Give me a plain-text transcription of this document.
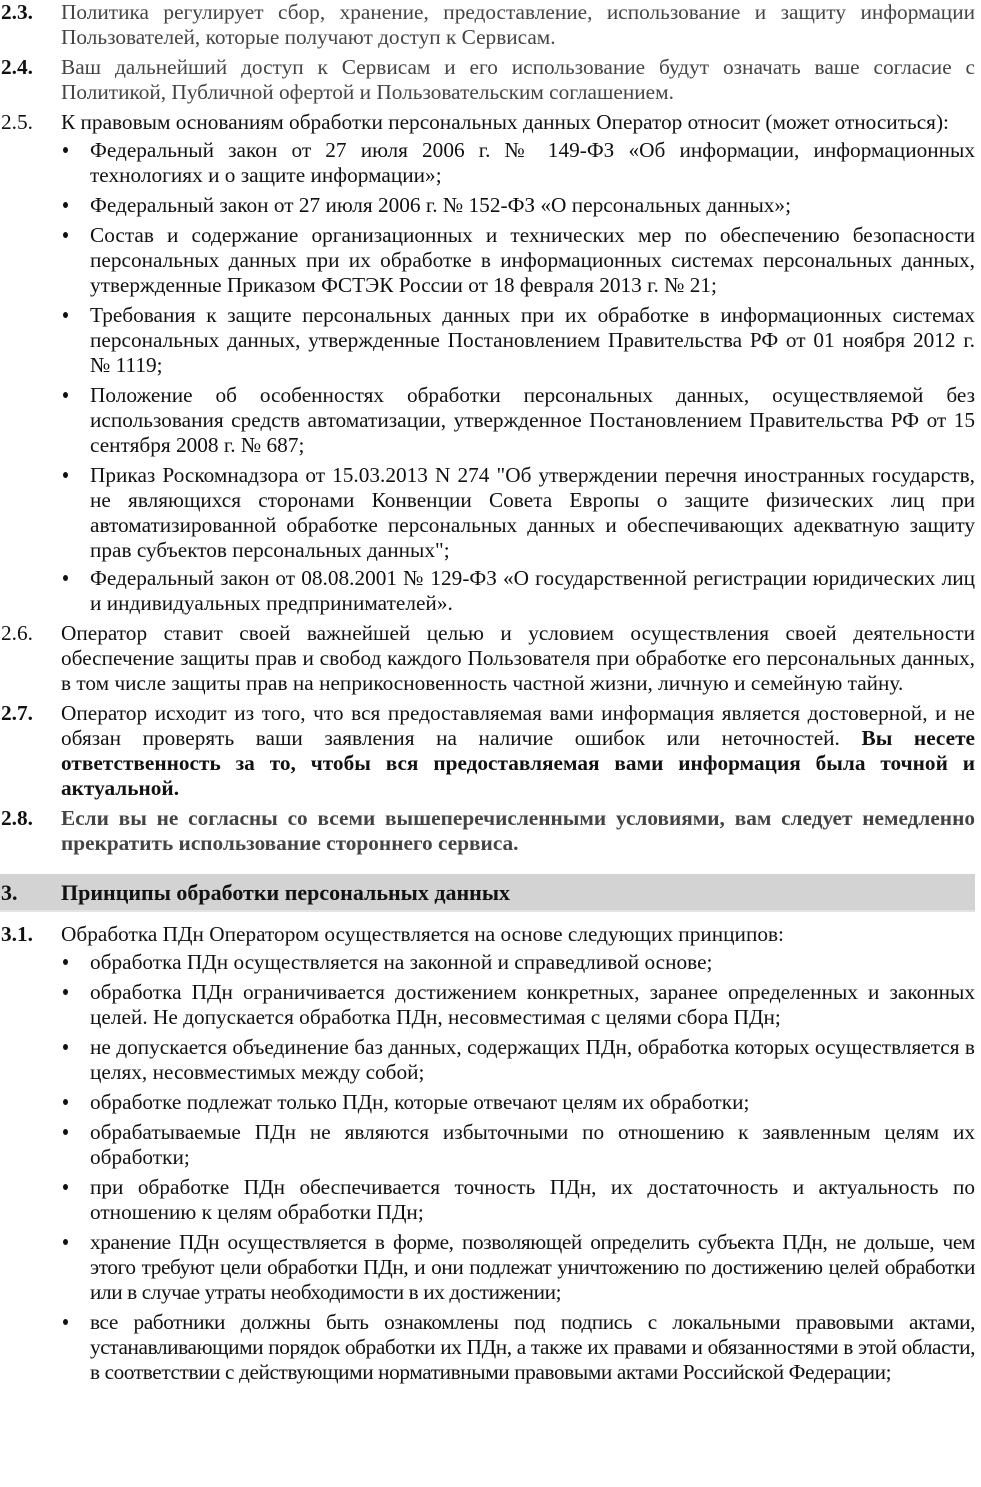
2.3.	Политика регулирует сбор, хранение, предоставление, использование и защиту информации Пользователей, которые получают доступ к Сервисам.
2.4.	Ваш дальнейший доступ к Сервисам и его использование будут означать ваше согласие с Политикой, Публичной офертой и Пользовательским соглашением.
2.5.	К правовым основаниям обработки персональных данных Оператор относит (может относиться):
Федеральный закон от 27 июля 2006 г. № 149-ФЗ «Об информации, информационных технологиях и о защите информации»;
Федеральный закон от 27 июля 2006 г. № 152-ФЗ «О персональных данных»;
Состав и содержание организационных и технических мер по обеспечению безопасности персональных данных при их обработке в информационных системах персональных данных, утвержденные Приказом ФСТЭК России от 18 февраля 2013 г. № 21;
Требования к защите персональных данных при их обработке в информационных системах персональных данных, утвержденные Постановлением Правительства РФ от 01 ноября 2012 г. № 1119;
Положение об особенностях обработки персональных данных, осуществляемой без использования средств автоматизации, утвержденное Постановлением Правительства РФ от 15 сентября 2008 г. № 687;
Приказ Роскомнадзора от 15.03.2013 N 274 "Об утверждении перечня иностранных государств, не являющихся сторонами Конвенции Совета Европы о защите физических лиц при автоматизированной обработке персональных данных и обеспечивающих адекватную защиту прав субъектов персональных данных";
Федеральный закон от 08.08.2001 № 129-ФЗ «О государственной регистрации юридических лиц и индивидуальных предпринимателей».
2.6.	Оператор ставит своей важнейшей целью и условием осуществления своей деятельности обеспечение защиты прав и свобод каждого Пользователя при обработке его персональных данных, в том числе защиты прав на неприкосновенность частной жизни, личную и семейную тайну.
2.7.	Оператор исходит из того, что вся предоставляемая вами информация является достоверной, и не обязан проверять ваши заявления на наличие ошибок или неточностей. Вы несете ответственность за то, чтобы вся предоставляемая вами информация была точной и актуальной.
2.8.	Если вы не согласны со всеми вышеперечисленными условиями, вам следует немедленно прекратить использование стороннего сервиса.
3.	Принципы обработки персональных данных
3.1.	Обработка ПДн Оператором осуществляется на основе следующих принципов:
обработка ПДн осуществляется на законной и справедливой основе;
обработка ПДн ограничивается достижением конкретных, заранее определенных и законных целей. Не допускается обработка ПДн, несовместимая с целями сбора ПДн;
не допускается объединение баз данных, содержащих ПДн, обработка которых осуществляется в целях, несовместимых между собой;
обработке подлежат только ПДн, которые отвечают целям их обработки;
обрабатываемые ПДн не являются избыточными по отношению к заявленным целям их обработки;
при обработке ПДн обеспечивается точность ПДн, их достаточность и актуальность по отношению к целям обработки ПДн;
хранение ПДн осуществляется в форме, позволяющей определить субъекта ПДн, не дольше, чем этого требуют цели обработки ПДн, и они подлежат уничтожению по достижению целей обработки или в случае утраты необходимости в их достижении;
все работники должны быть ознакомлены под подпись с локальными правовыми актами, устанавливающими порядок обработки их ПДн, а также их правами и обязанностями в этой области, в соответствии с действующими нормативными правовыми актами Российской Федерации;
